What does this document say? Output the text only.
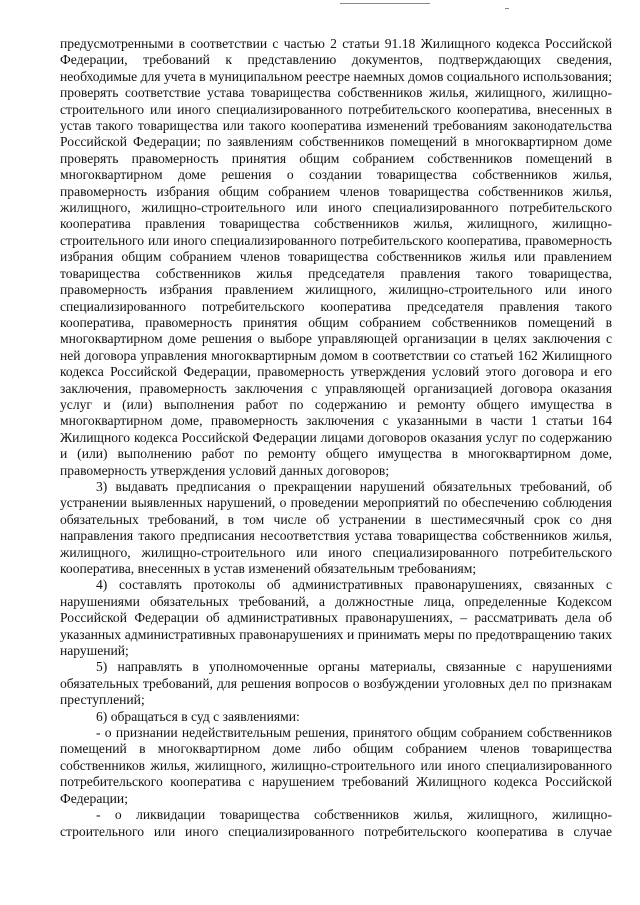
предусмотренными в соответствии с частью 2 статьи 91.18 Жилищного кодекса Российской Федерации, требований к представлению документов, подтверждающих сведения, необходимые для учета в муниципальном реестре наемных домов социального использования; проверять соответствие устава товарищества собственников жилья, жилищного, жилищно-строительного или иного специализированного потребительского кооператива, внесенных в устав такого товарищества или такого кооператива изменений требованиям законодательства Российской Федерации; по заявлениям собственников помещений в многоквартирном доме проверять правомерность принятия общим собранием собственников помещений в многоквартирном доме решения о создании товарищества собственников жилья, правомерность избрания общим собранием членов товарищества собственников жилья, жилищного, жилищно-строительного или иного специализированного потребительского кооператива правления товарищества собственников жилья, жилищного, жилищно-строительного или иного специализированного потребительского кооператива, правомерность избрания общим собранием членов товарищества собственников жилья или правлением товарищества собственников жилья председателя правления такого товарищества, правомерность избрания правлением жилищного, жилищно-строительного или иного специализированного потребительского кооператива председателя правления такого кооператива, правомерность принятия общим собранием собственников помещений в многоквартирном доме решения о выборе управляющей организации в целях заключения с ней договора управления многоквартирным домом в соответствии со статьей 162 Жилищного кодекса Российской Федерации, правомерность утверждения условий этого договора и его заключения, правомерность заключения с управляющей организацией договора оказания услуг и (или) выполнения работ по содержанию и ремонту общего имущества в многоквартирном доме, правомерность заключения с указанными в части 1 статьи 164 Жилищного кодекса Российской Федерации лицами договоров оказания услуг по содержанию и (или) выполнению работ по ремонту общего имущества в многоквартирном доме, правомерность утверждения условий данных договоров;

3) выдавать предписания о прекращении нарушений обязательных требований, об устранении выявленных нарушений, о проведении мероприятий по обеспечению соблюдения обязательных требований, в том числе об устранении в шестимесячный срок со дня направления такого предписания несоответствия устава товарищества собственников жилья, жилищного, жилищно-строительного или иного специализированного потребительского кооператива, внесенных в устав изменений обязательным требованиям;

4) составлять протоколы об административных правонарушениях, связанных с нарушениями обязательных требований, а должностные лица, определенные Кодексом Российской Федерации об административных правонарушениях, – рассматривать дела об указанных административных правонарушениях и принимать меры по предотвращению таких нарушений;

5) направлять в уполномоченные органы материалы, связанные с нарушениями обязательных требований, для решения вопросов о возбуждении уголовных дел по признакам преступлений;

6) обращаться в суд с заявлениями:

- о признании недействительным решения, принятого общим собранием собственников помещений в многоквартирном доме либо общим собранием членов товарищества собственников жилья, жилищного, жилищно-строительного или иного специализированного потребительского кооператива с нарушением требований Жилищного кодекса Российской Федерации;

- о ликвидации товарищества собственников жилья, жилищного, жилищно-строительного или иного специализированного потребительского кооператива в случае
